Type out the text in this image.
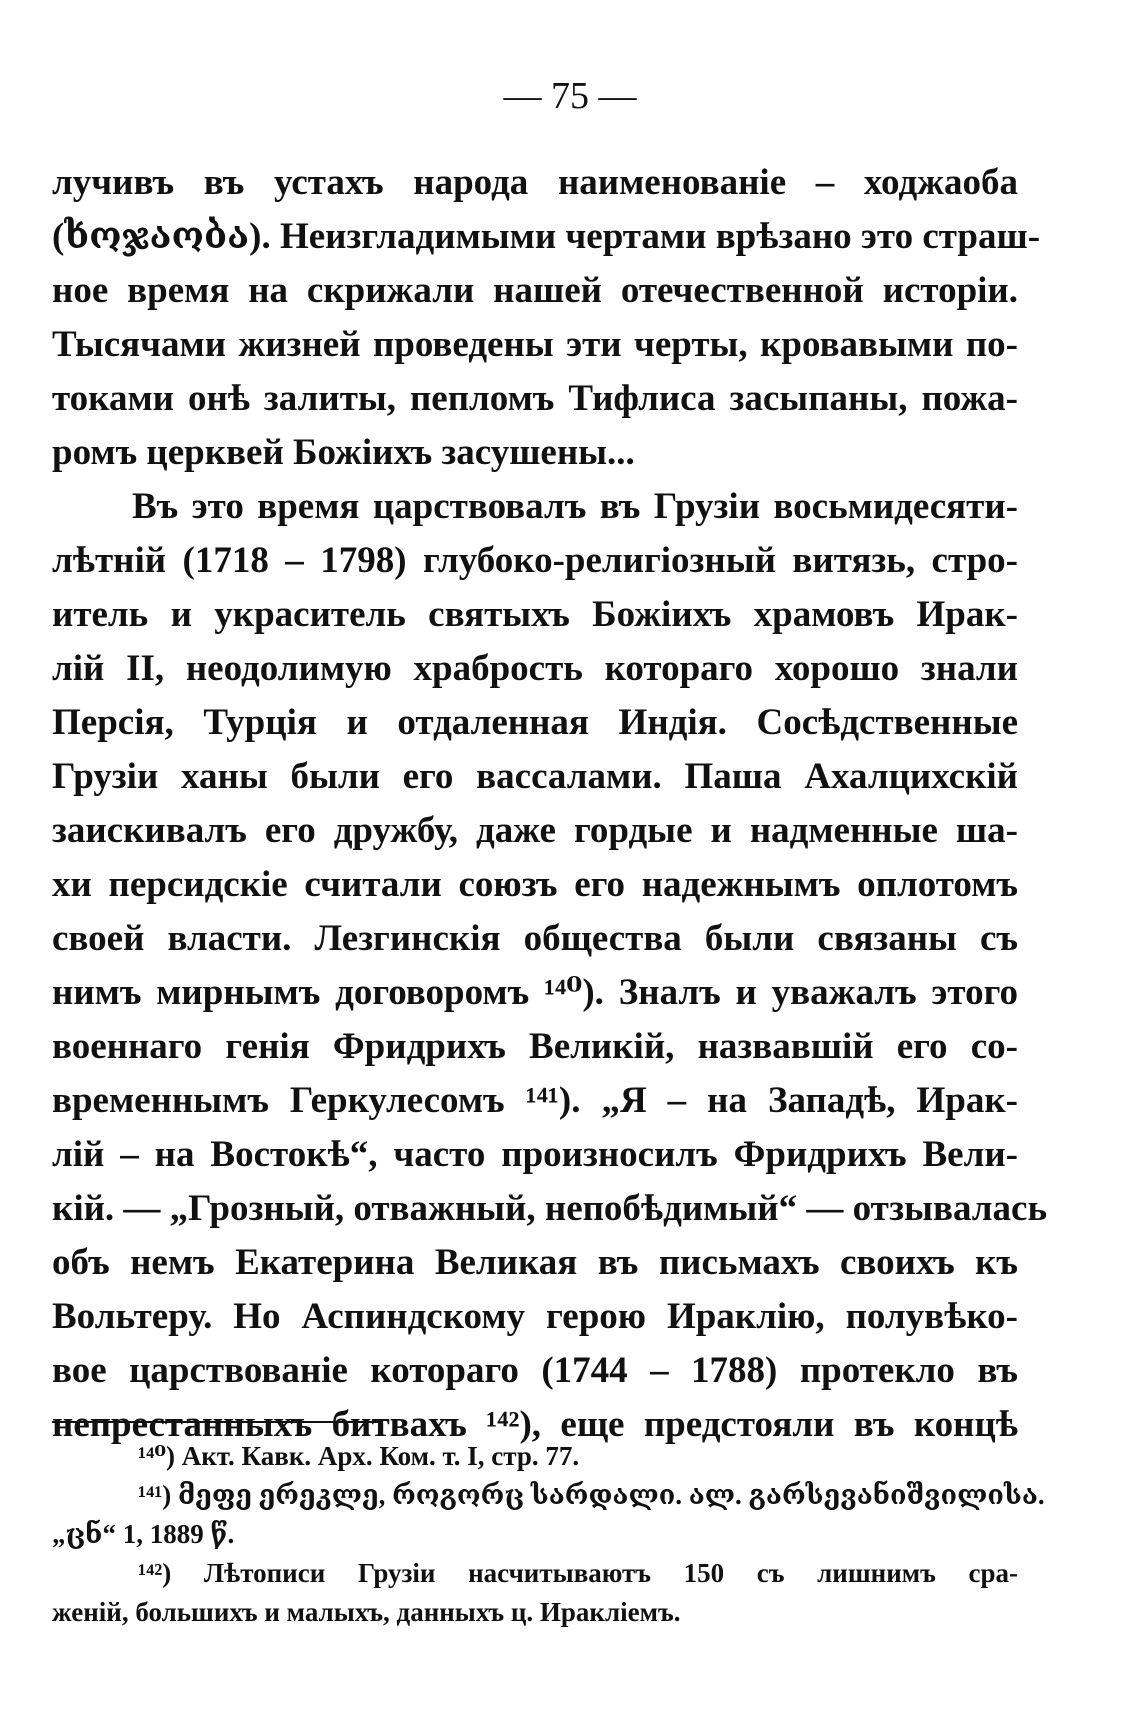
— 75 —
лучивъ въ устахъ народа наименованіе – ходжаоба
(ხოჯაობა). Неизгладимыми чертами врѣзано это страш-
ное время на скрижали нашей отечественной исторіи.
Тысячами жизней проведены эти черты, кровавыми по-
токами онѣ залиты, пепломъ Тифлиса засыпаны, пожа-
ромъ церквей Божіихъ засушены...
Въ это время царствовалъ въ Грузіи восьмидесяти-
лѣтній (1718 – 1798) глубоко-религіозный витязь, стро-
итель и украситель святыхъ Божіихъ храмовъ Ирак-
лій II, неодолимую храбрость котораго хорошо знали
Персія, Турція и отдаленная Индія. Сосѣдственные
Грузіи ханы были его вассалами. Паша Ахалцихскій
заискивалъ его дружбу, даже гордые и надменные ша-
хи персидскіе считали союзъ его надежнымъ оплотомъ
своей власти. Лезгинскія общества были связаны съ
нимъ мирнымъ договоромъ ¹⁴⁰). Зналъ и уважалъ этого
военнаго генія Фридрихъ Великій, назвавшій его со-
временнымъ Геркулесомъ ¹⁴¹). „Я – на Западѣ, Ирак-
лій – на Востокѣ“, часто произносилъ Фридрихъ Вели-
кій. — „Грозный, отважный, непобѣдимый“ — отзывалась
объ немъ Екатерина Великая въ письмахъ своихъ къ
Вольтеру. Но Аспиндскому герою Ираклію, полувѣко-
вое царствованіе котораго (1744 – 1788) протекло въ
непрестанныхъ битвахъ ¹⁴²), еще предстояли въ концѣ
¹⁴⁰) Акт. Кавк. Арх. Ком. т. I, стр. 77.
¹⁴¹) მეფე ერეკლე, როგორც სარდალი. ალ. გარსევანიშვილისა.
„ცნ“ 1, 1889 წ.
¹⁴²) Лѣтописи Грузіи насчитываютъ 150 съ лишнимъ сра-
женій, большихъ и малыхъ, данныхъ ц. Иракліемъ.
